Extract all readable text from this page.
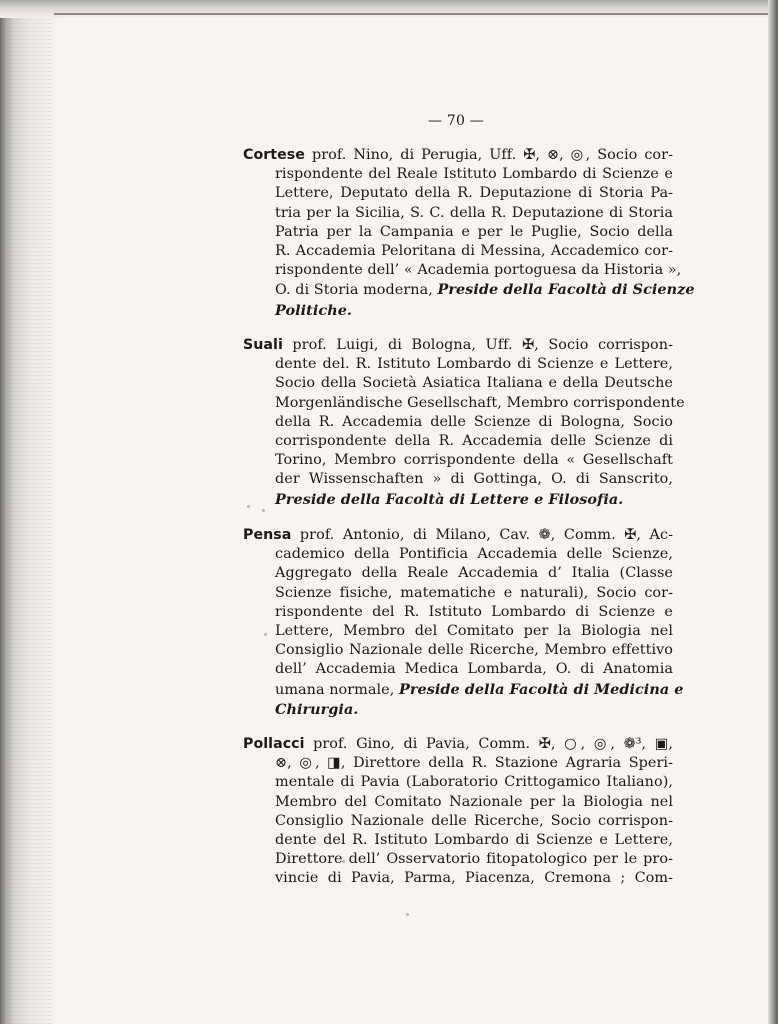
— 70 —
Cortese prof. Nino, di Perugia, Uff. ✠, ⊗, ◎, Socio cor-
rispondente del Reale Istituto Lombardo di Scienze e
Lettere, Deputato della R. Deputazione di Storia Pa-
tria per la Sicilia, S. C. della R. Deputazione di Storia
Patria per la Campania e per le Puglie, Socio della
R. Accademia Peloritana di Messina, Accademico cor-
rispondente dell’ « Academia portoguesa da Historia »,
O. di Storia moderna, Preside della Facoltà di Scienze
Politiche.
Suali prof. Luigi, di Bologna, Uff. ✠, Socio corrispon-
dente del. R. Istituto Lombardo di Scienze e Lettere,
Socio della Società Asiatica Italiana e della Deutsche
Morgenländische Gesellschaft, Membro corrispondente
della R. Accademia delle Scienze di Bologna, Socio
corrispondente della R. Accademia delle Scienze di
Torino, Membro corrispondente della « Gesellschaft
der Wissenschaften » di Gottinga, O. di Sanscrito,
Preside della Facoltà di Lettere e Filosofia.
Pensa prof. Antonio, di Milano, Cav. ❁, Comm. ✠, Ac-
cademico della Pontificia Accademia delle Scienze,
Aggregato della Reale Accademia d’ Italia (Classe
Scienze fisiche, matematiche e naturali), Socio cor-
rispondente del R. Istituto Lombardo di Scienze e
Lettere, Membro del Comitato per la Biologia nel
Consiglio Nazionale delle Ricerche, Membro effettivo
dell’ Accademia Medica Lombarda, O. di Anatomia
umana normale, Preside della Facoltà di Medicina e
Chirurgia.
Pollacci prof. Gino, di Pavia, Comm. ✠, ○, ◎, ❁³, ▣,
⊗, ◎, ◨, Direttore della R. Stazione Agraria Speri-
mentale di Pavia (Laboratorio Crittogamico Italiano),
Membro del Comitato Nazionale per la Biologia nel
Consiglio Nazionale delle Ricerche, Socio corrispon-
dente del R. Istituto Lombardo di Scienze e Lettere,
Direttore dell’ Osservatorio fitopatologico per le pro-
vincie di Pavia, Parma, Piacenza, Cremona ; Com-
